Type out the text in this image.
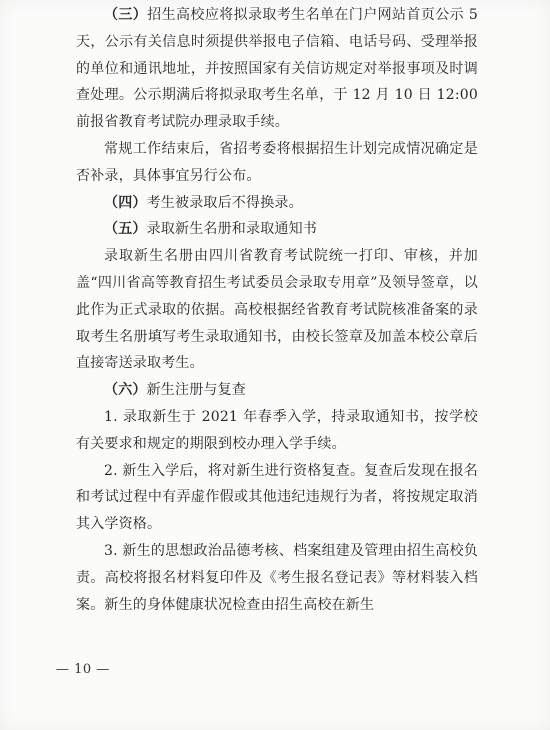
（三）招生高校应将拟录取考生名单在门户网站首页公示 5 天，公示有关信息时须提供举报电子信箱、电话号码、受理举报的单位和通讯地址，并按照国家有关信访规定对举报事项及时调查处理。公示期满后将拟录取考生名单，于 12 月 10 日 12:00 前报省教育考试院办理录取手续。

常规工作结束后，省招考委将根据招生计划完成情况确定是否补录，具体事宜另行公布。

（四）考生被录取后不得换录。

（五）录取新生名册和录取通知书

录取新生名册由四川省教育考试院统一打印、审核，并加盖“四川省高等教育招生考试委员会录取专用章”及领导签章，以此作为正式录取的依据。高校根据经省教育考试院核准备案的录取考生名册填写考生录取通知书，由校长签章及加盖本校公章后直接寄送录取考生。

（六）新生注册与复查

1. 录取新生于 2021 年春季入学，持录取通知书，按学校有关要求和规定的期限到校办理入学手续。

2. 新生入学后，将对新生进行资格复查。复查后发现在报名和考试过程中有弄虚作假或其他违纪违规行为者，将按规定取消其入学资格。

3. 新生的思想政治品德考核、档案组建及管理由招生高校负责。高校将报名材料复印件及《考生报名登记表》等材料装入档案。新生的身体健康状况检查由招生高校在新生

— 10 —
